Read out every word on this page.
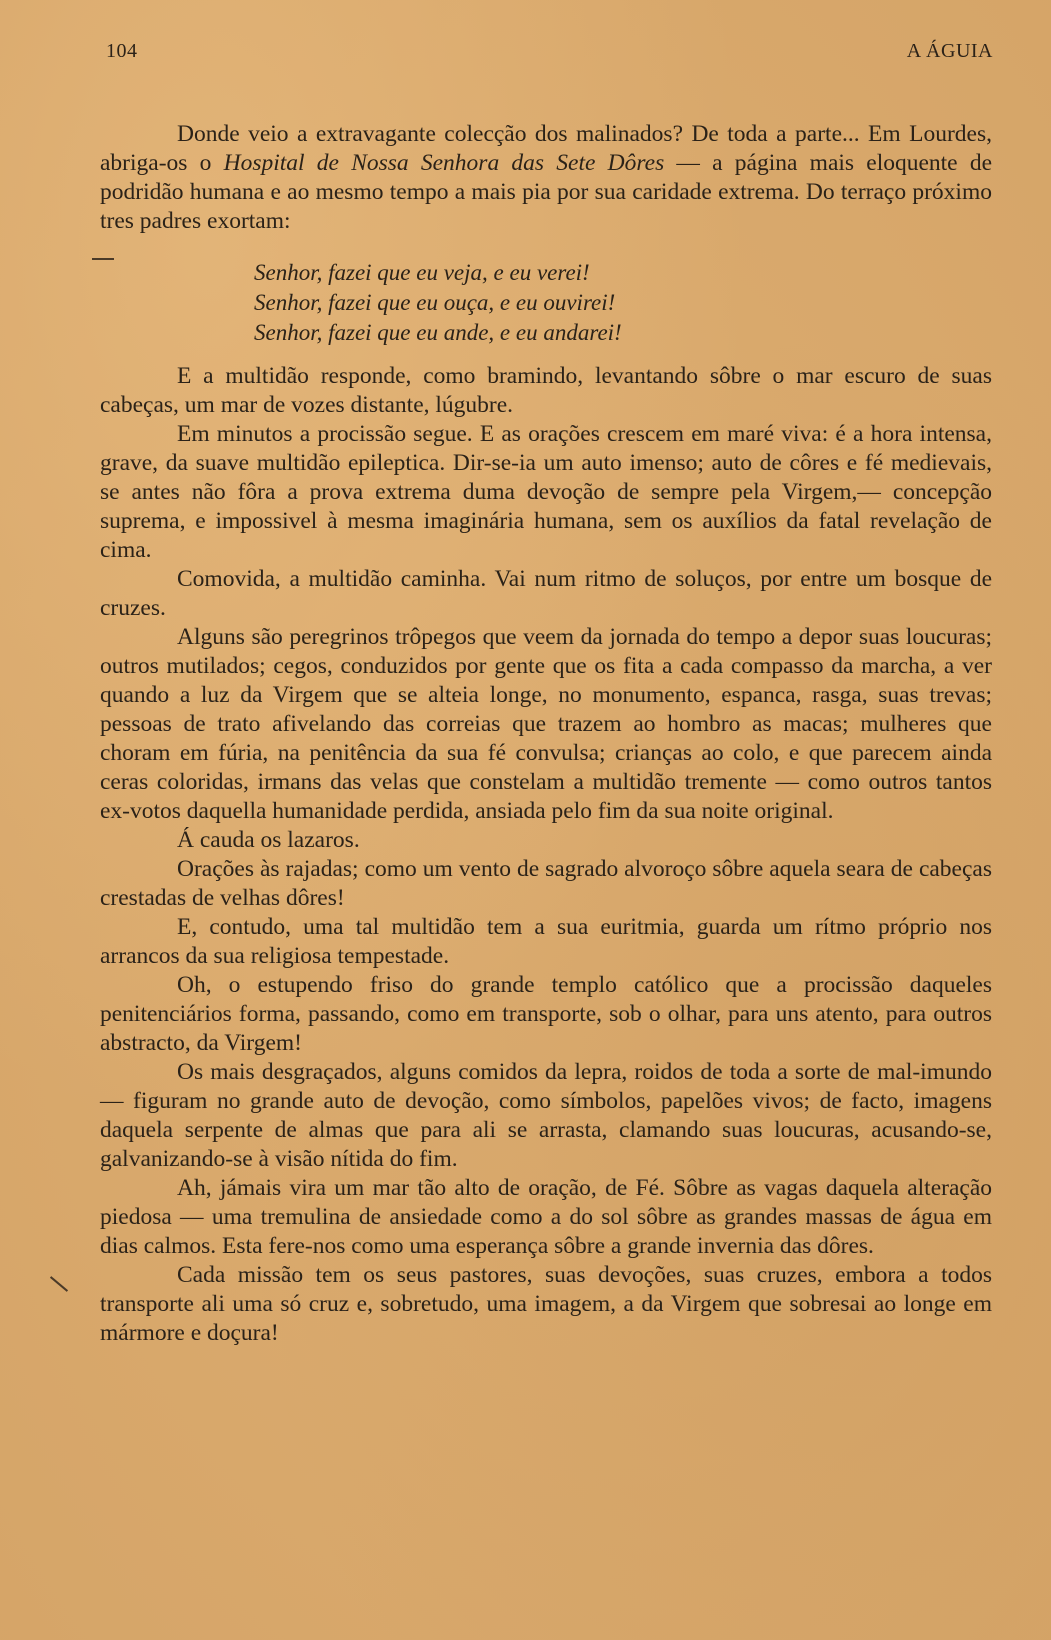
104	A ÁGUIA

Donde veio a extravagante colecção dos malinados? De toda a parte... Em Lourdes, abriga-os o Hospital de Nossa Senhora das Sete Dôres — a página mais eloquente de podridão humana e ao mesmo tempo a mais pia por sua caridade extrema. Do terraço próximo tres padres exortam:

Senhor, fazei que eu veja, e eu verei!
Senhor, fazei que eu ouça, e eu ouvirei!
Senhor, fazei que eu ande, e eu andarei!

E a multidão responde, como bramindo, levantando sôbre o mar escuro de suas cabeças, um mar de vozes distante, lúgubre.

Em minutos a procissão segue. E as orações crescem em maré viva: é a hora intensa, grave, da suave multidão epileptica. Dir-se-ia um auto imenso; auto de côres e fé medievais, se antes não fôra a prova extrema duma devoção de sempre pela Virgem,— concepção suprema, e impossivel à mesma imaginária humana, sem os auxílios da fatal revelação de cima.

Comovida, a multidão caminha. Vai num ritmo de soluços, por entre um bosque de cruzes.

Alguns são peregrinos trôpegos que veem da jornada do tempo a depor suas loucuras; outros mutilados; cegos, conduzidos por gente que os fita a cada compasso da marcha, a ver quando a luz da Virgem que se alteia longe, no monumento, espanca, rasga, suas trevas; pessoas de trato afivelando das correias que trazem ao hombro as macas; mulheres que choram em fúria, na penitência da sua fé convulsa; crianças ao colo, e que parecem ainda ceras coloridas, irmans das velas que constelam a multidão tremente — como outros tantos ex-votos daquella humanidade perdida, ansiada pelo fim da sua noite original.

Á cauda os lazaros.

Orações às rajadas; como um vento de sagrado alvoroço sôbre aquela seara de cabeças crestadas de velhas dôres!

E, contudo, uma tal multidão tem a sua euritmia, guarda um rítmo próprio nos arrancos da sua religiosa tempestade.

Oh, o estupendo friso do grande templo católico que a procissão daqueles penitenciários forma, passando, como em transporte, sob o olhar, para uns atento, para outros abstracto, da Virgem!

Os mais desgraçados, alguns comidos da lepra, roidos de toda a sorte de mal-imundo — figuram no grande auto de devoção, como símbolos, papelões vivos; de facto, imagens daquela serpente de almas que para ali se arrasta, clamando suas loucuras, acusando-se, galvanizando-se à visão nítida do fim.

Ah, jámais vira um mar tão alto de oração, de Fé. Sôbre as vagas daquela alteração piedosa — uma tremulina de ansiedade como a do sol sôbre as grandes massas de água em dias calmos. Esta fere-nos como uma esperança sôbre a grande invernia das dôres.

Cada missão tem os seus pastores, suas devoções, suas cruzes, embora a todos transporte ali uma só cruz e, sobretudo, uma imagem, a da Virgem que sobresai ao longe em mármore e doçura!
